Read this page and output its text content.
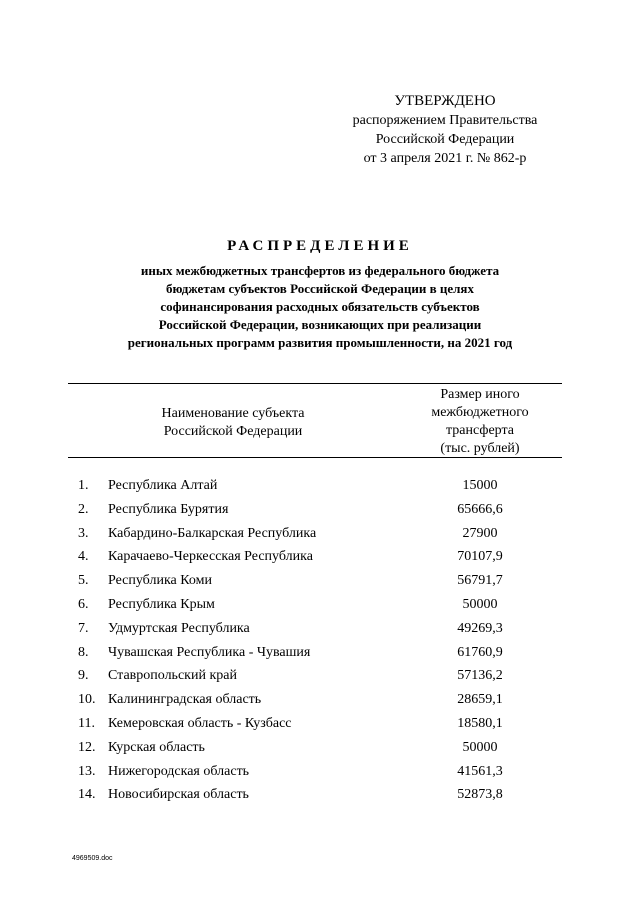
УТВЕРЖДЕНО
распоряжением Правительства
Российской Федерации
от 3 апреля 2021 г. № 862-р
РАСПРЕДЕЛЕНИЕ
иных межбюджетных трансфертов из федерального бюджета
бюджетам субъектов Российской Федерации в целях
софинансирования расходных обязательств субъектов
Российской Федерации, возникающих при реализации
региональных программ развития промышленности, на 2021 год
Наименование субъекта
Российской Федерации
Размер иного
межбюджетного
трансферта
(тыс. рублей)
1.	Республика Алтай	15000
2.	Республика Бурятия	65666,6
3.	Кабардино-Балкарская Республика	27900
4.	Карачаево-Черкесская Республика	70107,9
5.	Республика Коми	56791,7
6.	Республика Крым	50000
7.	Удмуртская Республика	49269,3
8.	Чувашская Республика - Чувашия	61760,9
9.	Ставропольский край	57136,2
10. Калининградская область	28659,1
11. Кемеровская область - Кузбасс	18580,1
12. Курская область	50000
13. Нижегородская область	41561,3
14. Новосибирская область	52873,8
4969509.doc
